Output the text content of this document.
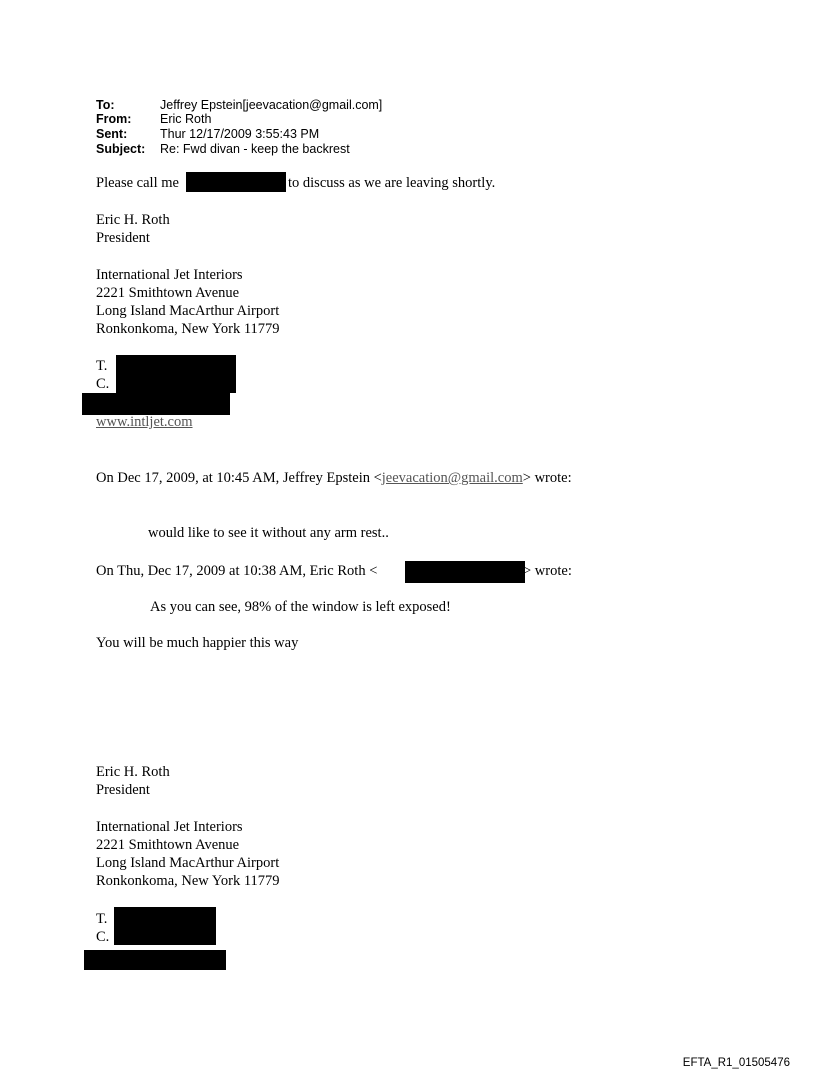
To:	Jeffrey Epstein[jeevacation@gmail.com]
From: Eric Roth
Sent:	Thur 12/17/2009 3:55:43 PM
Subject: Re: Fwd divan - keep the backrest
Please call me	to discuss as we are leaving shortly.
Eric H. Roth
President
International Jet Interiors
2221 Smithtown Avenue
Long Island MacArthur Airport
Ronkonkoma, New York 11779
T.
C.
www.intljet.com
On Dec 17, 2009, at 10:45 AM, Jeffrey Epstein <jeevacation@gmail.com> wrote:
would like to see it without any arm rest..
On Thu, Dec 17, 2009 at 10:38 AM, Eric Roth <	> wrote:
As you can see, 98% of the window is left exposed!
You will be much happier this way
Eric H. Roth
President
International Jet Interiors
2221 Smithtown Avenue
Long Island MacArthur Airport
Ronkonkoma, New York 11779
T.
C.
EFTA_R1_01505476
